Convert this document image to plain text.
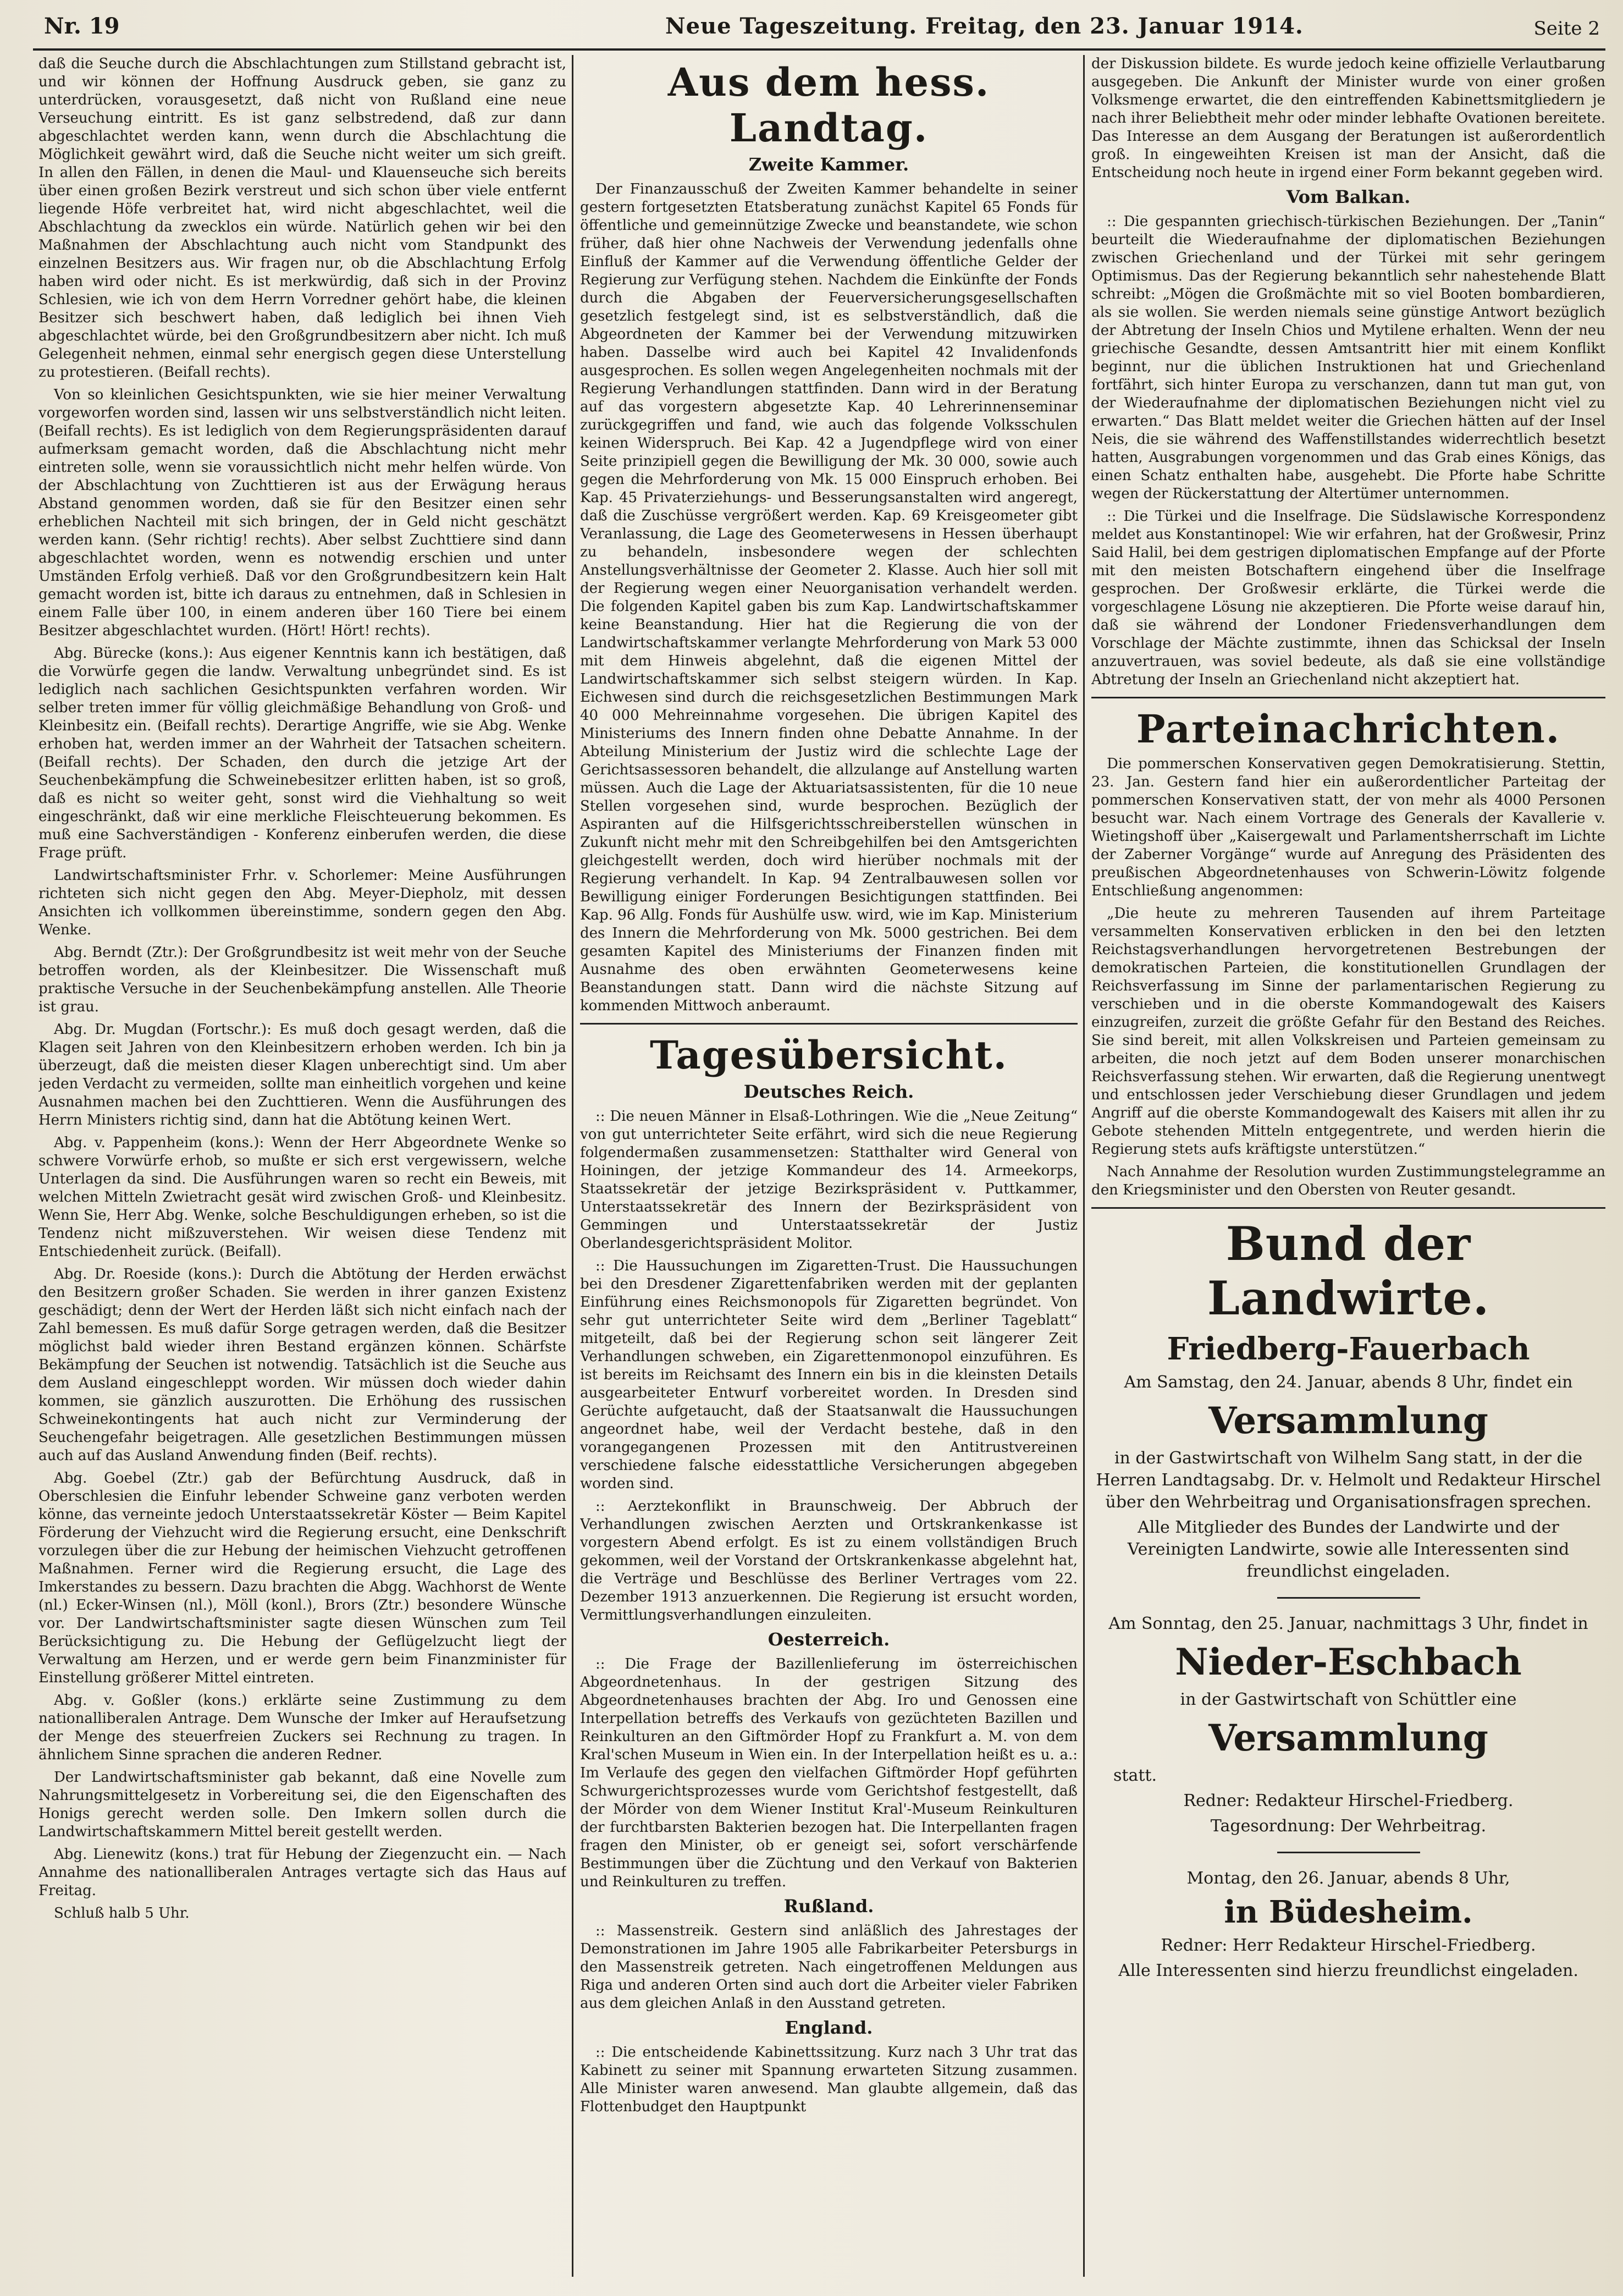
Nr. 19	Neue Tageszeitung. Freitag, den 23. Januar 1914.	Seite 2

daß die Seuche durch die Abschlachtungen zum Stillstand gebracht ist, und wir können der Hoffnung Ausdruck geben, sie ganz zu unterdrücken, vorausgesetzt, daß nicht von Rußland eine neue Verseuchung eintritt. Es ist ganz selbstredend, daß zur dann abgeschlachtet werden kann, wenn durch die Abschlachtung die Möglichkeit gewährt wird, daß die Seuche nicht weiter um sich greift. In allen den Fällen, in denen die Maul- und Klauenseuche sich bereits über einen großen Bezirk verstreut und sich schon über viele entfernt liegende Höfe verbreitet hat, wird nicht abgeschlachtet, weil die Abschlachtung da zwecklos ein würde. Natürlich gehen wir bei den Maßnahmen der Abschlachtung auch nicht vom Standpunkt des einzelnen Besitzers aus. Wir fragen nur, ob die Abschlachtung Erfolg haben wird oder nicht. Es ist merkwürdig, daß sich in der Provinz Schlesien, wie ich von dem Herrn Vorredner gehört habe, die kleinen Besitzer sich beschwert haben, daß lediglich bei ihnen Vieh abgeschlachtet würde, bei den Großgrundbesitzern aber nicht. Ich muß Gelegenheit nehmen, einmal sehr energisch gegen diese Unterstellung zu protestieren. (Beifall rechts).

Von so kleinlichen Gesichtspunkten, wie sie hier meiner Verwaltung vorgeworfen worden sind, lassen wir uns selbstverständlich nicht leiten. (Beifall rechts). Es ist lediglich von dem Regierungspräsidenten darauf aufmerksam gemacht worden, daß die Abschlachtung nicht mehr eintreten solle, wenn sie voraussichtlich nicht mehr helfen würde. Von der Abschlachtung von Zuchttieren ist aus der Erwägung heraus Abstand genommen worden, daß sie für den Besitzer einen sehr erheblichen Nachteil mit sich bringen, der in Geld nicht geschätzt werden kann. (Sehr richtig! rechts). Aber selbst Zuchttiere sind dann abgeschlachtet worden, wenn es notwendig erschien und unter Umständen Erfolg verhieß. Daß vor den Großgrundbesitzern kein Halt gemacht worden ist, bitte ich daraus zu entnehmen, daß in Schlesien in einem Falle über 100, in einem anderen über 160 Tiere bei einem Besitzer abgeschlachtet wurden. (Hört! Hört! rechts).

Abg. Bürecke (kons.): Aus eigener Kenntnis kann ich bestätigen, daß die Vorwürfe gegen die landw. Verwaltung unbegründet sind. Es ist lediglich nach sachlichen Gesichtspunkten verfahren worden. Wir selber treten immer für völlig gleichmäßige Behandlung von Groß- und Kleinbesitz ein. (Beifall rechts). Derartige Angriffe, wie sie Abg. Wenke erhoben hat, werden immer an der Wahrheit der Tatsachen scheitern. (Beifall rechts). Der Schaden, den durch die jetzige Art der Seuchenbekämpfung die Schweinebesitzer erlitten haben, ist so groß, daß es nicht so weiter geht, sonst wird die Viehhaltung so weit eingeschränkt, daß wir eine merkliche Fleischteuerung bekommen. Es muß eine Sachverständigen - Konferenz einberufen werden, die diese Frage prüft.

Landwirtschaftsminister Frhr. v. Schorlemer: Meine Ausführungen richteten sich nicht gegen den Abg. Meyer-Diepholz, mit dessen Ansichten ich vollkommen übereinstimme, sondern gegen den Abg. Wenke.

Abg. Berndt (Ztr.): Der Großgrundbesitz ist weit mehr von der Seuche betroffen worden, als der Kleinbesitzer. Die Wissenschaft muß praktische Versuche in der Seuchenbekämpfung anstellen. Alle Theorie ist grau.

Abg. Dr. Mugdan (Fortschr.): Es muß doch gesagt werden, daß die Klagen seit Jahren von den Kleinbesitzern erhoben werden. Ich bin ja überzeugt, daß die meisten dieser Klagen unberechtigt sind. Um aber jeden Verdacht zu vermeiden, sollte man einheitlich vorgehen und keine Ausnahmen machen bei den Zuchttieren. Wenn die Ausführungen des Herrn Ministers richtig sind, dann hat die Abtötung keinen Wert.

Abg. v. Pappenheim (kons.): Wenn der Herr Abgeordnete Wenke so schwere Vorwürfe erhob, so mußte er sich erst vergewissern, welche Unterlagen da sind. Die Ausführungen waren so recht ein Beweis, mit welchen Mitteln Zwietracht gesät wird zwischen Groß- und Kleinbesitz. Wenn Sie, Herr Abg. Wenke, solche Beschuldigungen erheben, so ist die Tendenz nicht mißzuverstehen. Wir weisen diese Tendenz mit Entschiedenheit zurück. (Beifall).

Abg. Dr. Roeside (kons.): Durch die Abtötung der Herden erwächst den Besitzern großer Schaden. Sie werden in ihrer ganzen Existenz geschädigt; denn der Wert der Herden läßt sich nicht einfach nach der Zahl bemessen. Es muß dafür Sorge getragen werden, daß die Besitzer möglichst bald wieder ihren Bestand ergänzen können. Schärfste Bekämpfung der Seuchen ist notwendig. Tatsächlich ist die Seuche aus dem Ausland eingeschleppt worden. Wir müssen doch wieder dahin kommen, sie gänzlich auszurotten. Die Erhöhung des russischen Schweinekontingents hat auch nicht zur Verminderung der Seuchengefahr beigetragen. Alle gesetzlichen Bestimmungen müssen auch auf das Ausland Anwendung finden (Beif. rechts).

Abg. Goebel (Ztr.) gab der Befürchtung Ausdruck, daß in Oberschlesien die Einfuhr lebender Schweine ganz verboten werden könne, das verneinte jedoch Unterstaatssekretär Köster — Beim Kapitel Förderung der Viehzucht wird die Regierung ersucht, eine Denkschrift vorzulegen über die zur Hebung der heimischen Viehzucht getroffenen Maßnahmen. Ferner wird die Regierung ersucht, die Lage des Imkerstandes zu bessern. Dazu brachten die Abgg. Wachhorst de Wente (nl.) Ecker-Winsen (nl.), Möll (konl.), Brors (Ztr.) besondere Wünsche vor. Der Landwirtschaftsminister sagte diesen Wünschen zum Teil Berücksichtigung zu. Die Hebung der Geflügelzucht liegt der Verwaltung am Herzen, und er werde gern beim Finanzminister für Einstellung größerer Mittel eintreten.

Abg. v. Goßler (kons.) erklärte seine Zustimmung zu dem nationalliberalen Antrage. Dem Wunsche der Imker auf Heraufsetzung der Menge des steuerfreien Zuckers sei Rechnung zu tragen. In ähnlichem Sinne sprachen die anderen Redner.

Der Landwirtschaftsminister gab bekannt, daß eine Novelle zum Nahrungsmittelgesetz in Vorbereitung sei, die den Eigenschaften des Honigs gerecht werden solle. Den Imkern sollen durch die Landwirtschaftskammern Mittel bereit gestellt werden.

Abg. Lienewitz (kons.) trat für Hebung der Ziegenzucht ein. — Nach Annahme des nationalliberalen Antrages vertagte sich das Haus auf Freitag.

Schluß halb 5 Uhr.

Aus dem hess. Landtag.
Zweite Kammer.

Der Finanzausschuß der Zweiten Kammer behandelte in seiner gestern fortgesetzten Etatsberatung zunächst Kapitel 65 Fonds für öffentliche und gemeinnützige Zwecke und beanstandete, wie schon früher, daß hier ohne Nachweis der Verwendung jedenfalls ohne Einfluß der Kammer auf die Verwendung öffentliche Gelder der Regierung zur Verfügung stehen. Nachdem die Einkünfte der Fonds durch die Abgaben der Feuerversicherungsgesellschaften gesetzlich festgelegt sind, ist es selbstverständlich, daß die Abgeordneten der Kammer bei der Verwendung mitzuwirken haben. Dasselbe wird auch bei Kapitel 42 Invalidenfonds ausgesprochen. Es sollen wegen Angelegenheiten nochmals mit der Regierung Verhandlungen stattfinden. Dann wird in der Beratung auf das vorgestern abgesetzte Kap. 40 Lehrerinnenseminar zurückgegriffen und fand, wie auch das folgende Volksschulen keinen Widerspruch. Bei Kap. 42 a Jugendpflege wird von einer Seite prinzipiell gegen die Bewilligung der Mk. 30 000, sowie auch gegen die Mehrforderung von Mk. 15 000 Einspruch erhoben. Bei Kap. 45 Privaterziehungs- und Besserungsanstalten wird angeregt, daß die Zuschüsse vergrößert werden. Kap. 69 Kreisgeometer gibt Veranlassung, die Lage des Geometerwesens in Hessen überhaupt zu behandeln, insbesondere wegen der schlechten Anstellungsverhältnisse der Geometer 2. Klasse. Auch hier soll mit der Regierung wegen einer Neuorganisation verhandelt werden. Die folgenden Kapitel gaben bis zum Kap. Landwirtschaftskammer keine Beanstandung. Hier hat die Regierung die von der Landwirtschaftskammer verlangte Mehrforderung von Mark 53 000 mit dem Hinweis abgelehnt, daß die eigenen Mittel der Landwirtschaftskammer sich selbst steigern würden. In Kap. Eichwesen sind durch die reichsgesetzlichen Bestimmungen Mark 40 000 Mehreinnahme vorgesehen. Die übrigen Kapitel des Ministeriums des Innern finden ohne Debatte Annahme. In der Abteilung Ministerium der Justiz wird die schlechte Lage der Gerichtsassessoren behandelt, die allzulange auf Anstellung warten müssen. Auch die Lage der Aktuariatsassistenten, für die 10 neue Stellen vorgesehen sind, wurde besprochen. Bezüglich der Aspiranten auf die Hilfsgerichtsschreiberstellen wünschen in Zukunft nicht mehr mit den Schreibgehilfen bei den Amtsgerichten gleichgestellt werden, doch wird hierüber nochmals mit der Regierung verhandelt. In Kap. 94 Zentralbauwesen sollen vor Bewilligung einiger Forderungen Besichtigungen stattfinden. Bei Kap. 96 Allg. Fonds für Aushülfe usw. wird, wie im Kap. Ministerium des Innern die Mehrforderung von Mk. 5000 gestrichen. Bei dem gesamten Kapitel des Ministeriums der Finanzen finden mit Ausnahme des oben erwähnten Geometerwesens keine Beanstandungen statt. Dann wird die nächste Sitzung auf kommenden Mittwoch anberaumt.

Tagesübersicht.
Deutsches Reich.

:: Die neuen Männer in Elsaß-Lothringen. Wie die „Neue Zeitung“ von gut unterrichteter Seite erfährt, wird sich die neue Regierung folgendermaßen zusammensetzen: Statthalter wird General von Hoiningen, der jetzige Kommandeur des 14. Armeekorps, Staatssekretär der jetzige Bezirkspräsident v. Puttkammer, Unterstaatssekretär des Innern der Bezirkspräsident von Gemmingen und Unterstaatssekretär der Justiz Oberlandesgerichtspräsident Molitor.

:: Die Haussuchungen im Zigaretten-Trust. Die Haussuchungen bei den Dresdener Zigarettenfabriken werden mit der geplanten Einführung eines Reichsmonopols für Zigaretten begründet. Von sehr gut unterrichteter Seite wird dem „Berliner Tageblatt“ mitgeteilt, daß bei der Regierung schon seit längerer Zeit Verhandlungen schweben, ein Zigarettenmonopol einzuführen. Es ist bereits im Reichsamt des Innern ein bis in die kleinsten Details ausgearbeiteter Entwurf vorbereitet worden. In Dresden sind Gerüchte aufgetaucht, daß der Staatsanwalt die Haussuchungen angeordnet habe, weil der Verdacht bestehe, daß in den vorangegangenen Prozessen mit den Antitrustvereinen verschiedene falsche eidesstattliche Versicherungen abgegeben worden sind.

:: Aerztekonflikt in Braunschweig. Der Abbruch der Verhandlungen zwischen Aerzten und Ortskrankenkasse ist vorgestern Abend erfolgt. Es ist zu einem vollständigen Bruch gekommen, weil der Vorstand der Ortskrankenkasse abgelehnt hat, die Verträge und Beschlüsse des Berliner Vertrages vom 22. Dezember 1913 anzuerkennen. Die Regierung ist ersucht worden, Vermittlungsverhandlungen einzuleiten.

Oesterreich.

:: Die Frage der Bazillenlieferung im österreichischen Abgeordnetenhaus. In der gestrigen Sitzung des Abgeordnetenhauses brachten der Abg. Iro und Genossen eine Interpellation betreffs des Verkaufs von gezüchteten Bazillen und Reinkulturen an den Giftmörder Hopf zu Frankfurt a. M. von dem Kral'schen Museum in Wien ein. In der Interpellation heißt es u. a.: Im Verlaufe des gegen den vielfachen Giftmörder Hopf geführten Schwurgerichtsprozesses wurde vom Gerichtshof festgestellt, daß der Mörder von dem Wiener Institut Kral'-Museum Reinkulturen der furchtbarsten Bakterien bezogen hat. Die Interpellanten fragen fragen den Minister, ob er geneigt sei, sofort verschärfende Bestimmungen über die Züchtung und den Verkauf von Bakterien und Reinkulturen zu treffen.

Rußland.

:: Massenstreik. Gestern sind anläßlich des Jahrestages der Demonstrationen im Jahre 1905 alle Fabrikarbeiter Petersburgs in den Massenstreik getreten. Nach eingetroffenen Meldungen aus Riga und anderen Orten sind auch dort die Arbeiter vieler Fabriken aus dem gleichen Anlaß in den Ausstand getreten.

England.

:: Die entscheidende Kabinettssitzung. Kurz nach 3 Uhr trat das Kabinett zu seiner mit Spannung erwarteten Sitzung zusammen. Alle Minister waren anwesend. Man glaubte allgemein, daß das Flottenbudget den Hauptpunkt

der Diskussion bildete. Es wurde jedoch keine offizielle Verlautbarung ausgegeben. Die Ankunft der Minister wurde von einer großen Volksmenge erwartet, die den eintreffenden Kabinettsmitgliedern je nach ihrer Beliebtheit mehr oder minder lebhafte Ovationen bereitete. Das Interesse an dem Ausgang der Beratungen ist außerordentlich groß. In eingeweihten Kreisen ist man der Ansicht, daß die Entscheidung noch heute in irgend einer Form bekannt gegeben wird.

Vom Balkan.

:: Die gespannten griechisch-türkischen Beziehungen. Der „Tanin“ beurteilt die Wiederaufnahme der diplomatischen Beziehungen zwischen Griechenland und der Türkei mit sehr geringem Optimismus. Das der Regierung bekanntlich sehr nahestehende Blatt schreibt: „Mögen die Großmächte mit so viel Booten bombardieren, als sie wollen. Sie werden niemals seine günstige Antwort bezüglich der Abtretung der Inseln Chios und Mytilene erhalten. Wenn der neu griechische Gesandte, dessen Amtsantritt hier mit einem Konflikt beginnt, nur die üblichen Instruktionen hat und Griechenland fortfährt, sich hinter Europa zu verschanzen, dann tut man gut, von der Wiederaufnahme der diplomatischen Beziehungen nicht viel zu erwarten.“ Das Blatt meldet weiter die Griechen hätten auf der Insel Neis, die sie während des Waffenstillstandes widerrechtlich besetzt hatten, Ausgrabungen vorgenommen und das Grab eines Königs, das einen Schatz enthalten habe, ausgehebt. Die Pforte habe Schritte wegen der Rückerstattung der Altertümer unternommen.

:: Die Türkei und die Inselfrage. Die Südslawische Korrespondenz meldet aus Konstantinopel: Wie wir erfahren, hat der Großwesir, Prinz Said Halil, bei dem gestrigen diplomatischen Empfange auf der Pforte mit den meisten Botschaftern eingehend über die Inselfrage gesprochen. Der Großwesir erklärte, die Türkei werde die vorgeschlagene Lösung nie akzeptieren. Die Pforte weise darauf hin, daß sie während der Londoner Friedensverhandlungen dem Vorschlage der Mächte zustimmte, ihnen das Schicksal der Inseln anzuvertrauen, was soviel bedeute, als daß sie eine vollständige Abtretung der Inseln an Griechenland nicht akzeptiert hat.

Parteinachrichten.

Die pommerschen Konservativen gegen Demokratisierung. Stettin, 23. Jan. Gestern fand hier ein außerordentlicher Parteitag der pommerschen Konservativen statt, der von mehr als 4000 Personen besucht war. Nach einem Vortrage des Generals der Kavallerie v. Wietingshoff über „Kaisergewalt und Parlamentsherrschaft im Lichte der Zaberner Vorgänge“ wurde auf Anregung des Präsidenten des preußischen Abgeordnetenhauses von Schwerin-Löwitz folgende Entschließung angenommen:

„Die heute zu mehreren Tausenden auf ihrem Parteitage versammelten Konservativen erblicken in den bei den letzten Reichstagsverhandlungen hervorgetretenen Bestrebungen der demokratischen Parteien, die konstitutionellen Grundlagen der Reichsverfassung im Sinne der parlamentarischen Regierung zu verschieben und in die oberste Kommandogewalt des Kaisers einzugreifen, zurzeit die größte Gefahr für den Bestand des Reiches. Sie sind bereit, mit allen Volkskreisen und Parteien gemeinsam zu arbeiten, die noch jetzt auf dem Boden unserer monarchischen Reichsverfassung stehen. Wir erwarten, daß die Regierung unentwegt und entschlossen jeder Verschiebung dieser Grundlagen und jedem Angriff auf die oberste Kommandogewalt des Kaisers mit allen ihr zu Gebote stehenden Mitteln entgegentrete, und werden hierin die Regierung stets aufs kräftigste unterstützen.“

Nach Annahme der Resolution wurden Zustimmungstelegramme an den Kriegsminister und den Obersten von Reuter gesandt.

Bund der Landwirte.
Friedberg-Fauerbach
Am Samstag, den 24. Januar, abends 8 Uhr, findet ein
Versammlung
in der Gastwirtschaft von Wilhelm Sang statt, in der die Herren Landtagsabg. Dr. v. Helmolt und Redakteur Hirschel über den Wehrbeitrag und Organisationsfragen sprechen.
Alle Mitglieder des Bundes der Landwirte und der Vereinigten Landwirte, sowie alle Interessenten sind freundlichst eingeladen.
Am Sonntag, den 25. Januar, nachmittags 3 Uhr, findet in
Nieder-Eschbach
in der Gastwirtschaft von Schüttler eine
Versammlung
statt.
Redner: Redakteur Hirschel-Friedberg.
Tagesordnung: Der Wehrbeitrag.
Montag, den 26. Januar, abends 8 Uhr,
in Büdesheim.
Redner: Herr Redakteur Hirschel-Friedberg.
Alle Interessenten sind hierzu freundlichst eingeladen.
